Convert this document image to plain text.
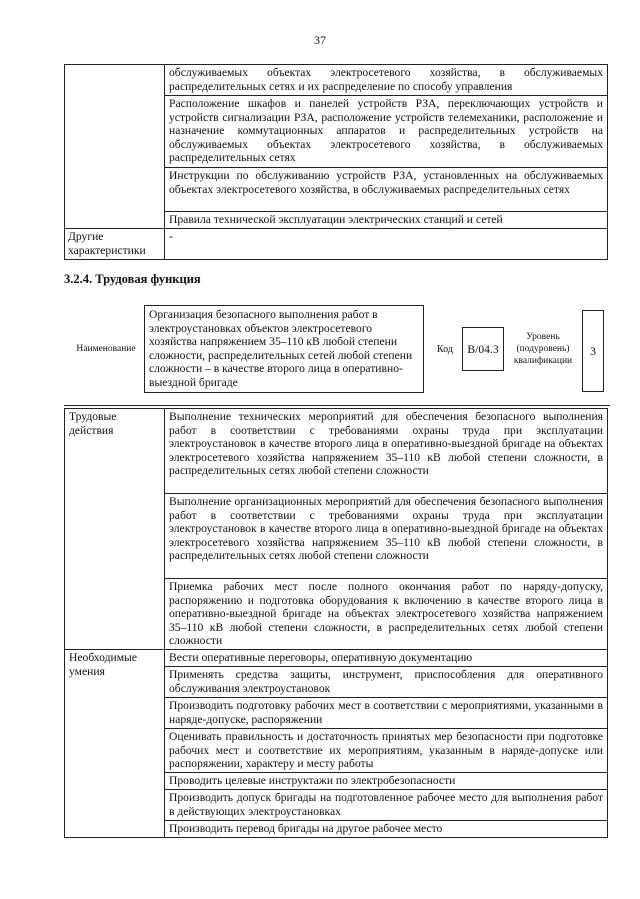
37
	обслуживаемых объектах электросетевого хозяйства, в обслуживаемых распределительных сетях и их распределение по способу управления
	Расположение шкафов и панелей устройств РЗА, переключающих устройств и устройств сигнализации РЗА, расположение устройств телемеханики, расположение и назначение коммутационных аппаратов и распределительных устройств на обслуживаемых объектах электросетевого хозяйства, в обслуживаемых распределительных сетях
	Инструкции по обслуживанию устройств РЗА, установленных на обслуживаемых объектах электросетевого хозяйства, в обслуживаемых распределительных сетях
	Правила технической эксплуатации электрических станций и сетей
Другие характеристики	-
3.2.4. Трудовая функция
Наименование
Организация безопасного выполнения работ в электроустановках объектов электросетевого хозяйства напряжением 35–110 кВ любой степени сложности, распределительных сетей любой степени сложности – в качестве второго лица в оперативно-выездной бригаде
Код	B/04.3
Уровень (подуровень) квалификации
3
Трудовые действия	Выполнение технических мероприятий для обеспечения безопасного выполнения работ в соответствии с требованиями охраны труда при эксплуатации электроустановок в качестве второго лица в оперативно-выездной бригаде на объектах электросетевого хозяйства напряжением 35–110 кВ любой степени сложности, в распределительных сетях любой степени сложности
	Выполнение организационных мероприятий для обеспечения безопасного выполнения работ в соответствии с требованиями охраны труда при эксплуатации электроустановок в качестве второго лица в оперативно-выездной бригаде на объектах электросетевого хозяйства напряжением 35–110 кВ любой степени сложности, в распределительных сетях любой степени сложности
	Приемка рабочих мест после полного окончания работ по наряду-допуску, распоряжению и подготовка оборудования к включению в качестве второго лица в оперативно-выездной бригаде на объектах электросетевого хозяйства напряжением 35–110 кВ любой степени сложности, в распределительных сетях любой степени сложности
Необходимые умения	Вести оперативные переговоры, оперативную документацию
	Применять средства защиты, инструмент, приспособления для оперативного обслуживания электроустановок
	Производить подготовку рабочих мест в соответствии с мероприятиями, указанными в наряде-допуске, распоряжении
	Оценивать правильность и достаточность принятых мер безопасности при подготовке рабочих мест и соответствие их мероприятиям, указанным в наряде-допуске или распоряжении, характеру и месту работы
	Проводить целевые инструктажи по электробезопасности
	Производить допуск бригады на подготовленное рабочее место для выполнения работ в действующих электроустановках
	Производить перевод бригады на другое рабочее место
